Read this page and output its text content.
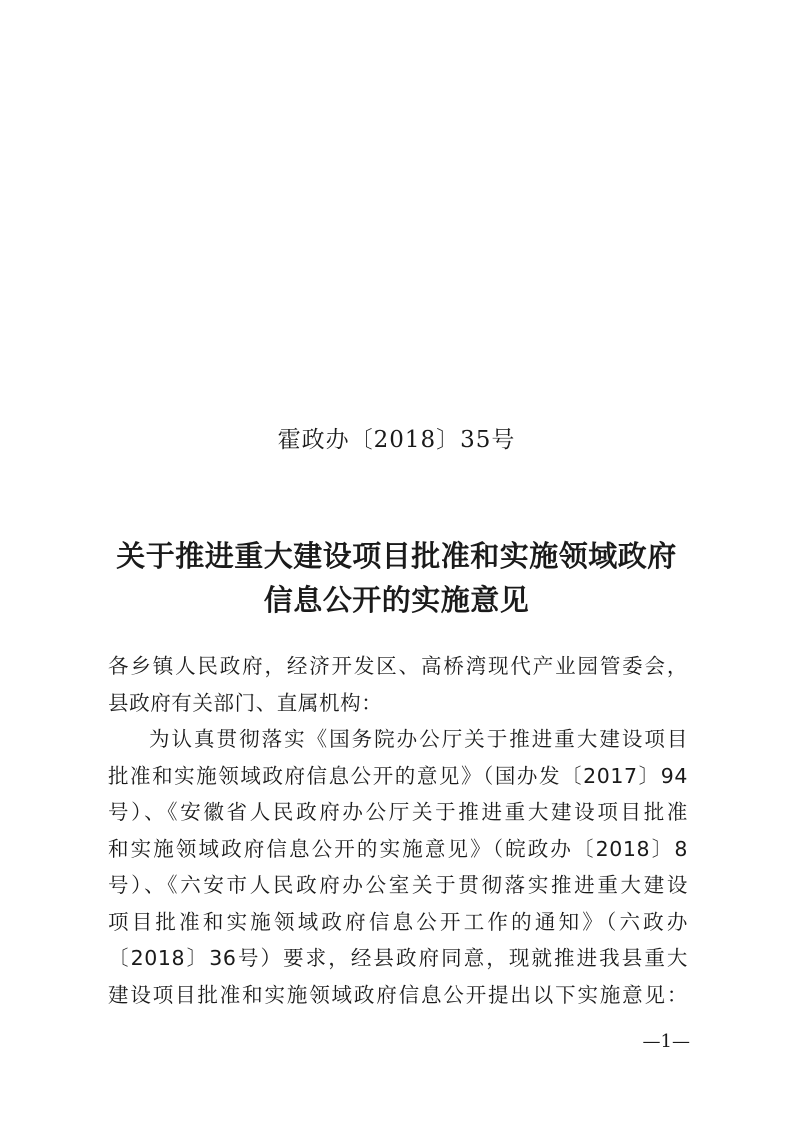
霍政办〔2018〕35号
关于推进重大建设项目批准和实施领域政府
信息公开的实施意见
各乡镇人民政府，经济开发区、高桥湾现代产业园管委会，
县政府有关部门、直属机构：
为认真贯彻落实《国务院办公厅关于推进重大建设项目
批准和实施领域政府信息公开的意见》（国办发〔2017〕94
号）、《安徽省人民政府办公厅关于推进重大建设项目批准
和实施领域政府信息公开的实施意见》（皖政办〔2018〕8
号）、《六安市人民政府办公室关于贯彻落实推进重大建设
项目批准和实施领域政府信息公开工作的通知》（六政办
〔2018〕36号）要求，经县政府同意，现就推进我县重大
建设项目批准和实施领域政府信息公开提出以下实施意见：
—1—
